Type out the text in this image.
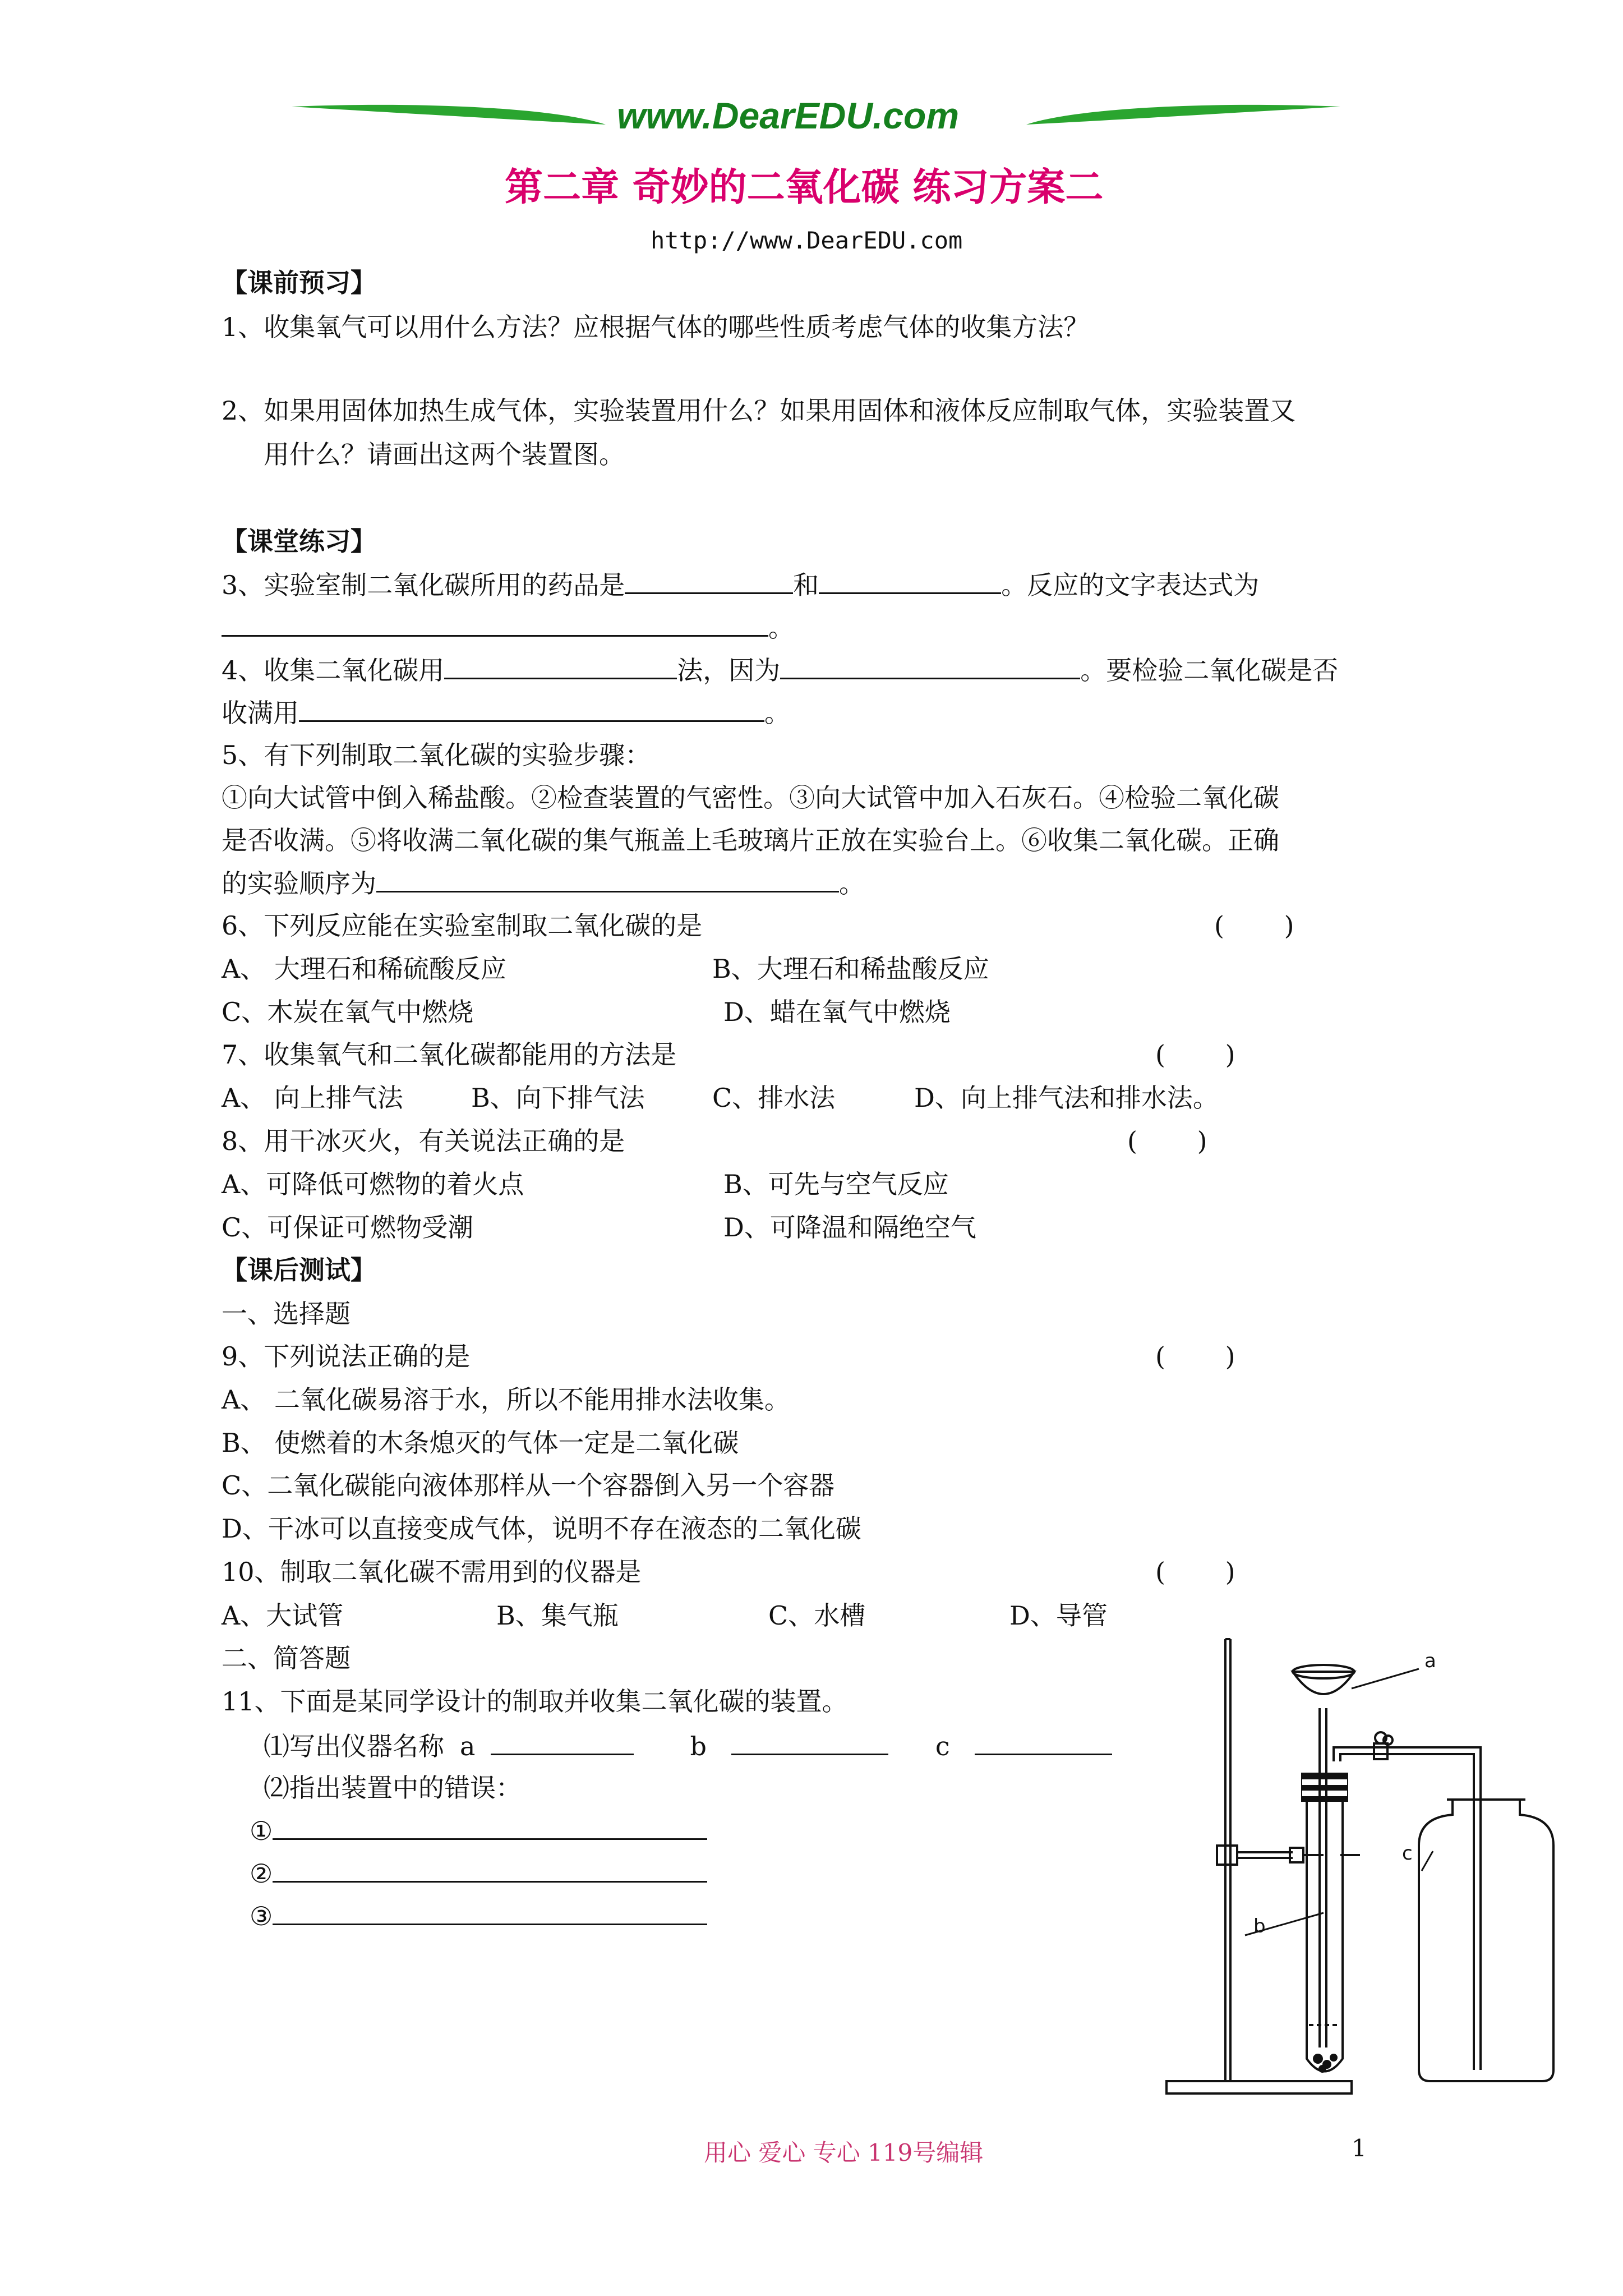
www.DearEDU.com
第二章 奇妙的二氧化碳 练习方案二
http://www.DearEDU.com
【课前预习】
1、收集氧气可以用什么方法？应根据气体的哪些性质考虑气体的收集方法？
2、如果用固体加热生成气体，实验装置用什么？如果用固体和液体反应制取气体，实验装置又
用什么？请画出这两个装置图。
【课堂练习】
3、实验室制二氧化碳所用的药品是	和	。反应的文字表达式为
。
4、收集二氧化碳用	法，因为	。要检验二氧化碳是否
收满用	。
5、有下列制取二氧化碳的实验步骤：
①向大试管中倒入稀盐酸。②检查装置的气密性。③向大试管中加入石灰石。④检验二氧化碳
是否收满。⑤将收满二氧化碳的集气瓶盖上毛玻璃片正放在实验台上。⑥收集二氧化碳。正确
的实验顺序为	。
6、下列反应能在实验室制取二氧化碳的是	(　　 )
A、 大理石和稀硫酸反应	B、大理石和稀盐酸反应
C、木炭在氧气中燃烧	D、蜡在氧气中燃烧
7、收集氧气和二氧化碳都能用的方法是	(　　 )
A、 向上排气法	B、向下排气法	C、排水法	D、向上排气法和排水法。
8、用干冰灭火，有关说法正确的是	(　　 )
A、可降低可燃物的着火点	B、可先与空气反应
C、可保证可燃物受潮	D、可降温和隔绝空气
【课后测试】
一、选择题
9、下列说法正确的是	(　　 )
A、 二氧化碳易溶于水，所以不能用排水法收集。
B、 使燃着的木条熄灭的气体一定是二氧化碳
C、二氧化碳能向液体那样从一个容器倒入另一个容器
D、干冰可以直接变成气体，说明不存在液态的二氧化碳
10、制取二氧化碳不需用到的仪器是	(　　 )
A、大试管	B、集气瓶	C、水槽	D、导管
二、简答题
11、下面是某同学设计的制取并收集二氧化碳的装置。
⑴写出仪器名称 a	b	c
⑵指出装置中的错误：
①
②
③
a
b
c
用心 爱心 专心 119号编辑	1
